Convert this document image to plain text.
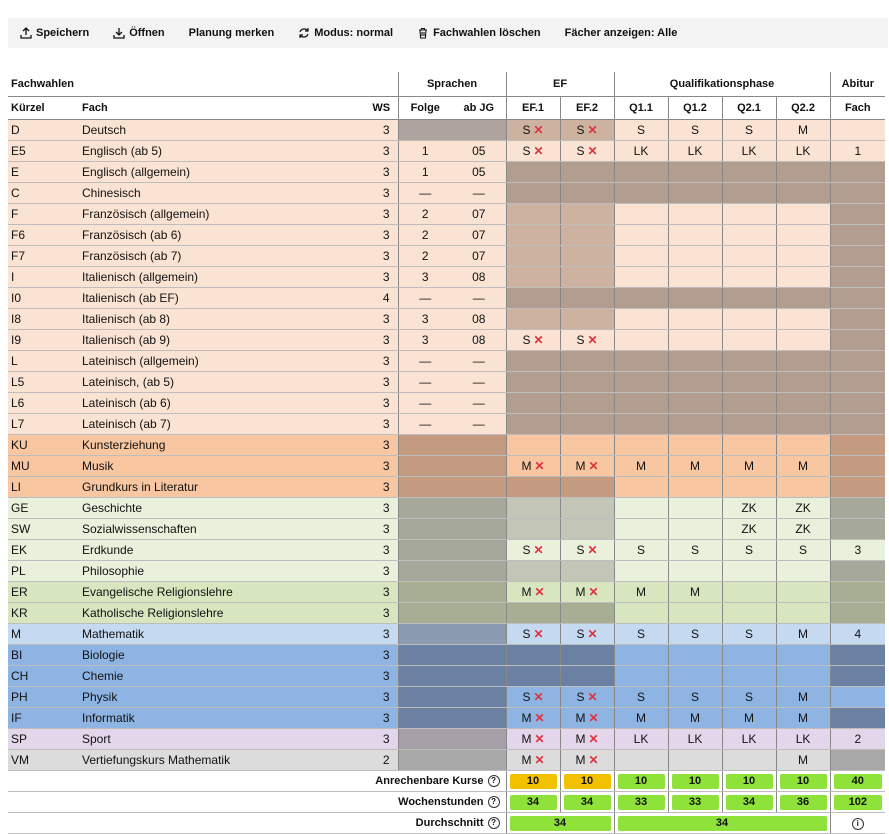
Speichern	Öffnen Planung merken	Modus: normal	Fachwahlen löschen Fächer anzeigen: Alle
Fachwahlen			Sprachen		EF		Qualifikationsphase				Abitur
Kürzel	Fach	WS	Folge	ab JG	EF.1	EF.2	Q1.1	Q1.2	Q2.1	Q2.2	Fach
D	Deutsch	3			S ✕	S ✕	S	S	S	M	
E5	Englisch (ab 5)	3	1	05	S ✕	S ✕	LK	LK	LK	LK	1
E	Englisch (allgemein)	3	1	05							
C	Chinesisch	3	—	—							
F	Französisch (allgemein)	3	2	07							
F6	Französisch (ab 6)	3	2	07							
F7	Französisch (ab 7)	3	2	07							
I	Italienisch (allgemein)	3	3	08							
I0	Italienisch (ab EF)	4	—	—							
I8	Italienisch (ab 8)	3	3	08							
I9	Italienisch (ab 9)	3	3	08	S ✕	S ✕					
L	Lateinisch (allgemein)	3	—	—							
L5	Lateinisch, (ab 5)	3	—	—							
L6	Lateinisch (ab 6)	3	—	—							
L7	Lateinisch (ab 7)	3	—	—							
KU	Kunsterziehung	3									
MU	Musik	3			M ✕	M ✕	M	M	M	M	
LI	Grundkurs in Literatur	3									
GE	Geschichte	3							ZK	ZK	
SW	Sozialwissenschaften	3							ZK	ZK	
EK	Erdkunde	3			S ✕	S ✕	S	S	S	S	3
PL	Philosophie	3									
ER	Evangelische Religionslehre	3			M ✕	M ✕	M	M			
KR	Katholische Religionslehre	3									
M	Mathematik	3			S ✕	S ✕	S	S	S	M	4
BI	Biologie	3									
CH	Chemie	3									
PH	Physik	3			S ✕	S ✕	S	S	S	M	
IF	Informatik	3			M ✕	M ✕	M	M	M	M	
SP	Sport	3			M ✕	M ✕	LK	LK	LK	LK	2
VM	Vertiefungskurs Mathematik	2			M ✕	M ✕				M	
Anrechenbare Kurse ?					10	10	10	10	10	10	40

Wochenstunden ?					34	34	33	33	34	36	102

Durchschnitt ?					34		34				i
